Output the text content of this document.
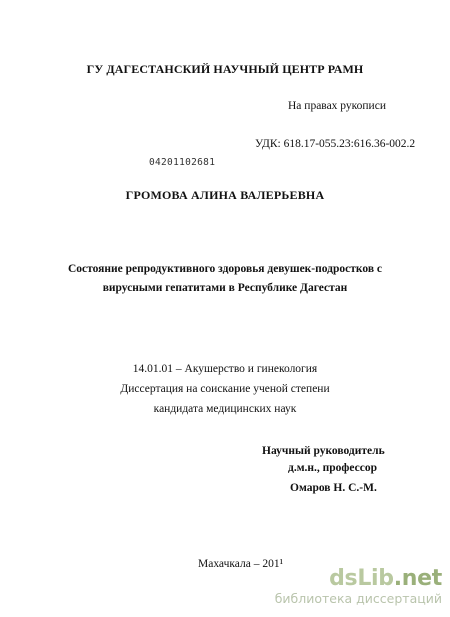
ГУ ДАГЕСТАНСКИЙ НАУЧНЫЙ ЦЕНТР РАМН
На правах рукописи
УДК: 618.17-055.23:616.36-002.2
04201102681
ГРОМОВА АЛИНА ВАЛЕРЬЕВНА
Состояние репродуктивного здоровья девушек-подростков с
вирусными гепатитами в Республике Дагестан
14.01.01 – Акушерство и гинекология
Диссертация на соискание ученой степени
кандидата медицинских наук
Научный руководитель
д.м.н., профессор
Омаров Н. С.-М.
Махачкала – 201¹
dsLib.net
библиотека диссертаций
